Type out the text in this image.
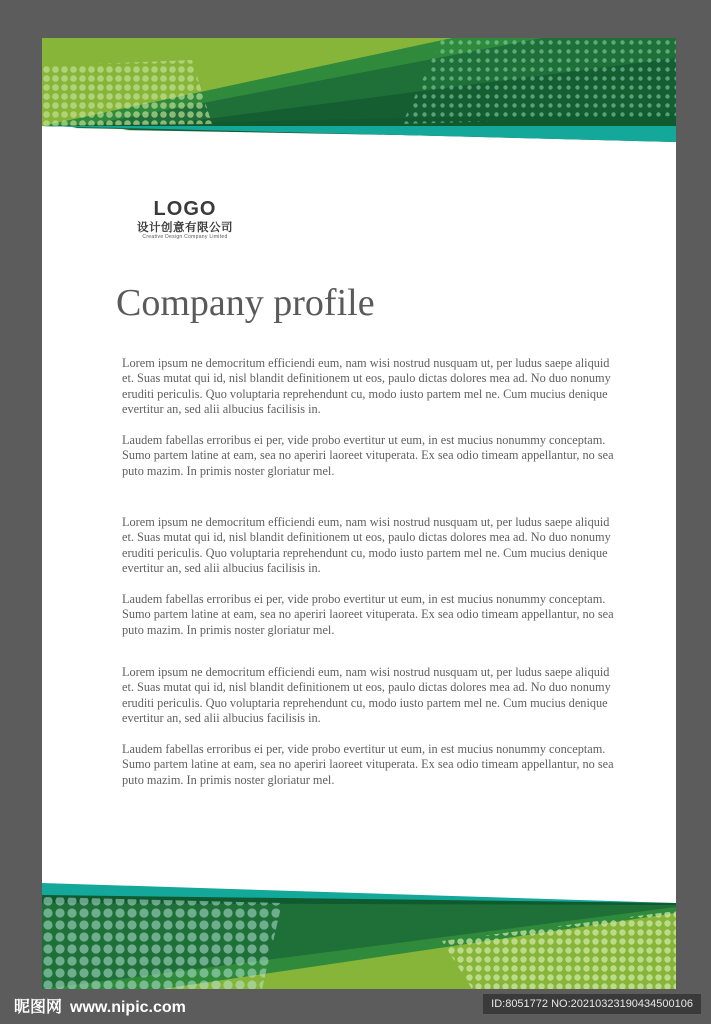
LOGO
设计创意有限公司
Creative Design Company Limited
Company profile

Lorem ipsum ne democritum efficiendi eum, nam wisi nostrud nusquam ut, per ludus saepe aliquid et. Suas mutat qui id, nisl blandit definitionem ut eos, paulo dictas dolores mea ad. No duo nonumy eruditi periculis. Quo voluptaria reprehendunt cu, modo iusto partem mel ne. Cum mucius denique evertitur an, sed alii albucius facilisis in.

Laudem fabellas erroribus ei per, vide probo evertitur ut eum, in est mucius nonummy conceptam. Sumo partem latine at eam, sea no aperiri laoreet vituperata. Ex sea odio timeam appellantur, no sea puto mazim. In primis noster gloriatur mel.

Lorem ipsum ne democritum efficiendi eum, nam wisi nostrud nusquam ut, per ludus saepe aliquid et. Suas mutat qui id, nisl blandit definitionem ut eos, paulo dictas dolores mea ad. No duo nonumy eruditi periculis. Quo voluptaria reprehendunt cu, modo iusto partem mel ne. Cum mucius denique evertitur an, sed alii albucius facilisis in.

Laudem fabellas erroribus ei per, vide probo evertitur ut eum, in est mucius nonummy conceptam. Sumo partem latine at eam, sea no aperiri laoreet vituperata. Ex sea odio timeam appellantur, no sea puto mazim. In primis noster gloriatur mel.

Lorem ipsum ne democritum efficiendi eum, nam wisi nostrud nusquam ut, per ludus saepe aliquid et. Suas mutat qui id, nisl blandit definitionem ut eos, paulo dictas dolores mea ad. No duo nonumy eruditi periculis. Quo voluptaria reprehendunt cu, modo iusto partem mel ne. Cum mucius denique evertitur an, sed alii albucius facilisis in.

Laudem fabellas erroribus ei per, vide probo evertitur ut eum, in est mucius nonummy conceptam. Sumo partem latine at eam, sea no aperiri laoreet vituperata. Ex sea odio timeam appellantur, no sea puto mazim. In primis noster gloriatur mel.

昵图网 www.nipic.com	ID:8051772 NO:20210323190434500106
